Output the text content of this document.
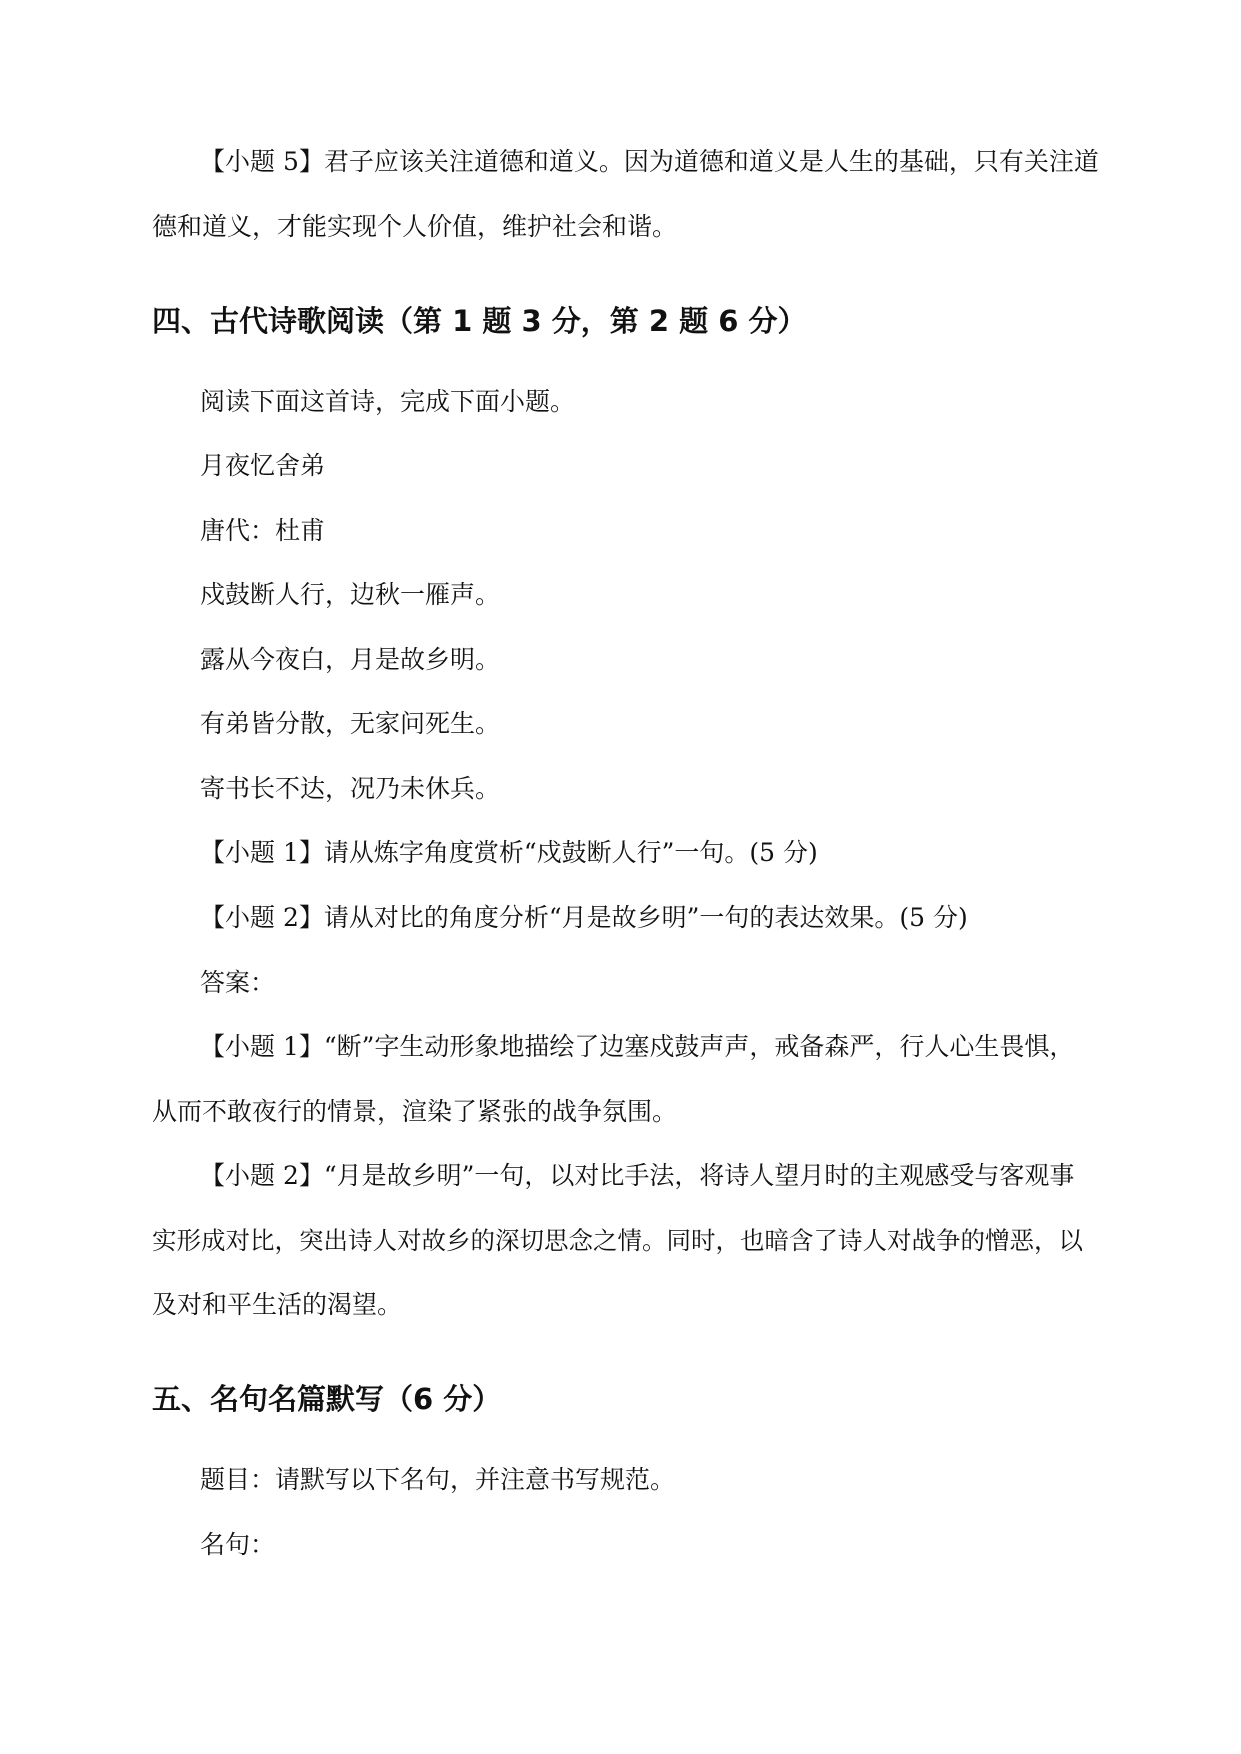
【小题 5】君子应该关注道德和道义。因为道德和道义是人生的基础，只有关注道
德和道义，才能实现个人价值，维护社会和谐。
四、古代诗歌阅读（第 1 题 3 分，第 2 题 6 分）
阅读下面这首诗，完成下面小题。
月夜忆舍弟
唐代：杜甫
戍鼓断人行，边秋一雁声。
露从今夜白，月是故乡明。
有弟皆分散，无家问死生。
寄书长不达，况乃未休兵。
【小题 1】请从炼字角度赏析“戍鼓断人行”一句。(5 分)
【小题 2】请从对比的角度分析“月是故乡明”一句的表达效果。(5 分)
答案：
【小题 1】“断”字生动形象地描绘了边塞戍鼓声声，戒备森严，行人心生畏惧，
从而不敢夜行的情景，渲染了紧张的战争氛围。
【小题 2】“月是故乡明”一句，以对比手法，将诗人望月时的主观感受与客观事
实形成对比，突出诗人对故乡的深切思念之情。同时，也暗含了诗人对战争的憎恶，以
及对和平生活的渴望。
五、名句名篇默写（6 分）
题目：请默写以下名句，并注意书写规范。
名句：
